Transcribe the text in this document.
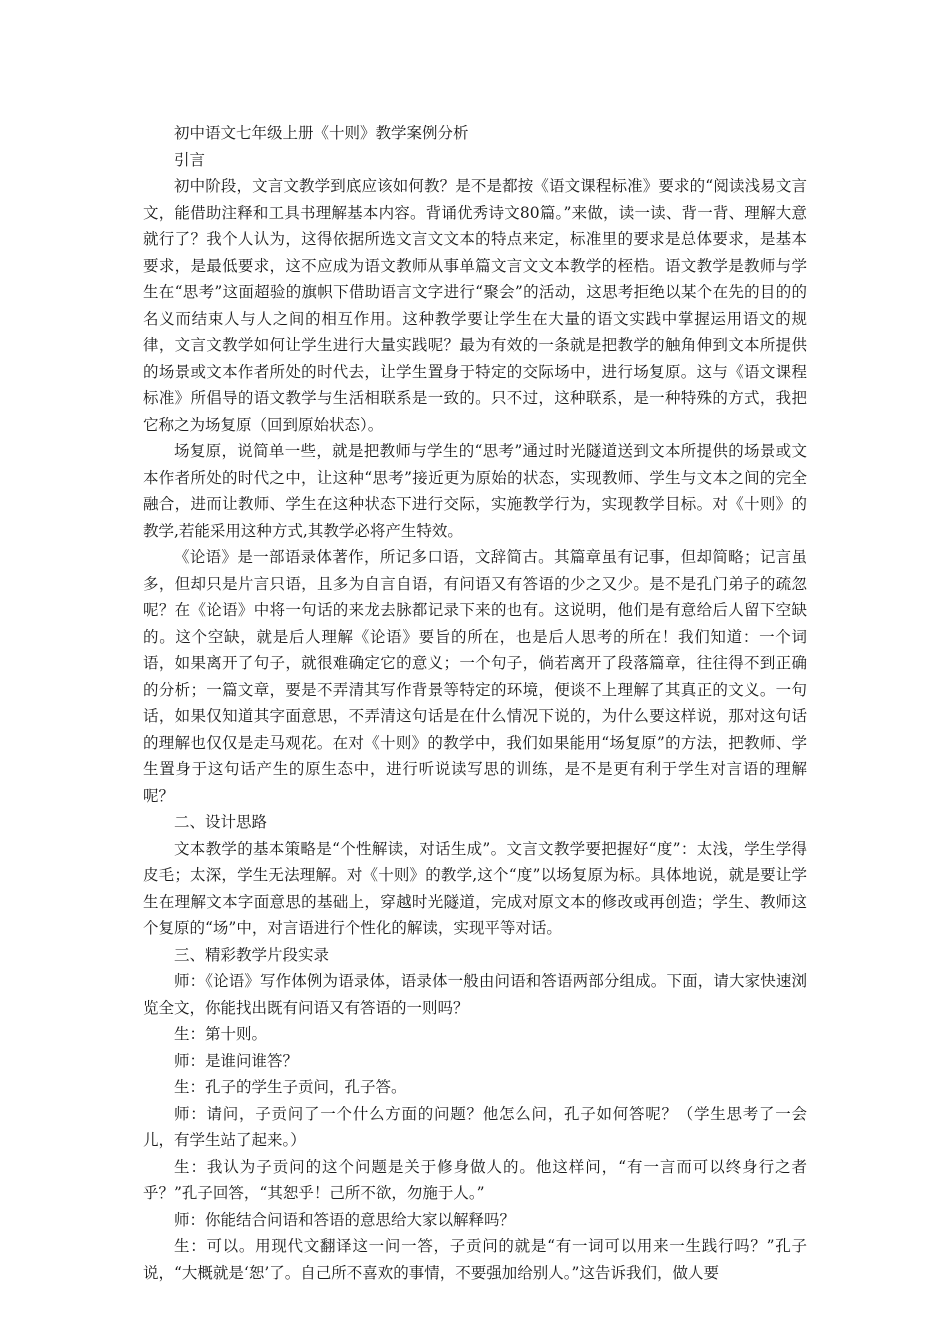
初中语文七年级上册《十则》教学案例分析

引言

初中阶段，文言文教学到底应该如何教？是不是都按《语文课程标准》要求的“阅读浅易文言文，能借助注释和工具书理解基本内容。背诵优秀诗文80篇。”来做，读一读、背一背、理解大意就行了？我个人认为，这得依据所选文言文文本的特点来定，标准里的要求是总体要求，是基本要求，是最低要求，这不应成为语文教师从事单篇文言文文本教学的桎梏。语文教学是教师与学生在“思考”这面超验的旗帜下借助语言文字进行“聚会”的活动，这思考拒绝以某个在先的目的的名义而结束人与人之间的相互作用。这种教学要让学生在大量的语文实践中掌握运用语文的规律，文言文教学如何让学生进行大量实践呢？最为有效的一条就是把教学的触角伸到文本所提供的场景或文本作者所处的时代去，让学生置身于特定的交际场中，进行场复原。这与《语文课程标准》所倡导的语文教学与生活相联系是一致的。只不过，这种联系，是一种特殊的方式，我把它称之为场复原（回到原始状态）。

场复原，说简单一些，就是把教师与学生的“思考”通过时光隧道送到文本所提供的场景或文本作者所处的时代之中，让这种“思考”接近更为原始的状态，实现教师、学生与文本之间的完全融合，进而让教师、学生在这种状态下进行交际，实施教学行为，实现教学目标。对《十则》的教学,若能采用这种方式,其教学必将产生特效。

《论语》是一部语录体著作，所记多口语，文辞简古。其篇章虽有记事，但却简略；记言虽多，但却只是片言只语，且多为自言自语，有问语又有答语的少之又少。是不是孔门弟子的疏忽呢？在《论语》中将一句话的来龙去脉都记录下来的也有。这说明，他们是有意给后人留下空缺的。这个空缺，就是后人理解《论语》要旨的所在，也是后人思考的所在！我们知道：一个词语，如果离开了句子，就很难确定它的意义；一个句子，倘若离开了段落篇章，往往得不到正确的分析；一篇文章，要是不弄清其写作背景等特定的环境，便谈不上理解了其真正的文义。一句话，如果仅知道其字面意思，不弄清这句话是在什么情况下说的，为什么要这样说，那对这句话的理解也仅仅是走马观花。在对《十则》的教学中，我们如果能用“场复原”的方法，把教师、学生置身于这句话产生的原生态中，进行听说读写思的训练，是不是更有利于学生对言语的理解呢？

二、设计思路

文本教学的基本策略是“个性解读，对话生成”。文言文教学要把握好“度”：太浅，学生学得皮毛；太深，学生无法理解。对《十则》的教学,这个“度”以场复原为标。具体地说，就是要让学生在理解文本字面意思的基础上，穿越时光隧道，完成对原文本的修改或再创造；学生、教师这个复原的“场”中，对言语进行个性化的解读，实现平等对话。

三、精彩教学片段实录

师：《论语》写作体例为语录体，语录体一般由问语和答语两部分组成。下面，请大家快速浏览全文，你能找出既有问语又有答语的一则吗？

生：第十则。

师：是谁问谁答？

生：孔子的学生子贡问，孔子答。

师：请问，子贡问了一个什么方面的问题？他怎么问，孔子如何答呢？（学生思考了一会儿，有学生站了起来。）

生：我认为子贡问的这个问题是关于修身做人的。他这样问，“有一言而可以终身行之者乎？”孔子回答，“其恕乎！己所不欲，勿施于人。”

师：你能结合问语和答语的意思给大家以解释吗？

生：可以。用现代文翻译这一问一答，子贡问的就是“有一词可以用来一生践行吗？”孔子说，“大概就是‘恕’了。自己所不喜欢的事情，不要强加给别人。”这告诉我们，做人要
